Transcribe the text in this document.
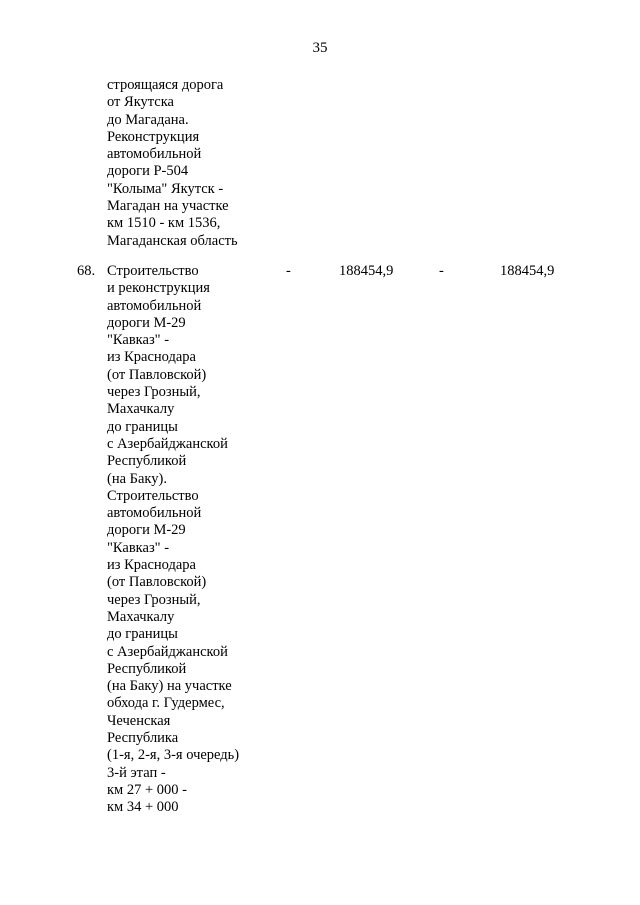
35
строящаяся дорога
от Якутска
до Магадана.
Реконструкция
автомобильной
дороги Р-504
"Колыма" Якутск -
Магадан на участке
км 1510 - км 1536,
Магаданская область
68. Строительство
и реконструкция
автомобильной
дороги М-29
"Кавказ" -
из Краснодара
(от Павловской)
через Грозный,
Махачкалу
до границы
с Азербайджанской
Республикой
(на Баку).
Строительство
автомобильной
дороги М-29
"Кавказ" -
из Краснодара
(от Павловской)
через Грозный,
Махачкалу
до границы
с Азербайджанской
Республикой
(на Баку) на участке
обхода г. Гудермес,
Чеченская
Республика
(1-я, 2-я, 3-я очередь)
3-й этап -
км 27 + 000 -
км 34 + 000
-	188454,9	-	188454,9
